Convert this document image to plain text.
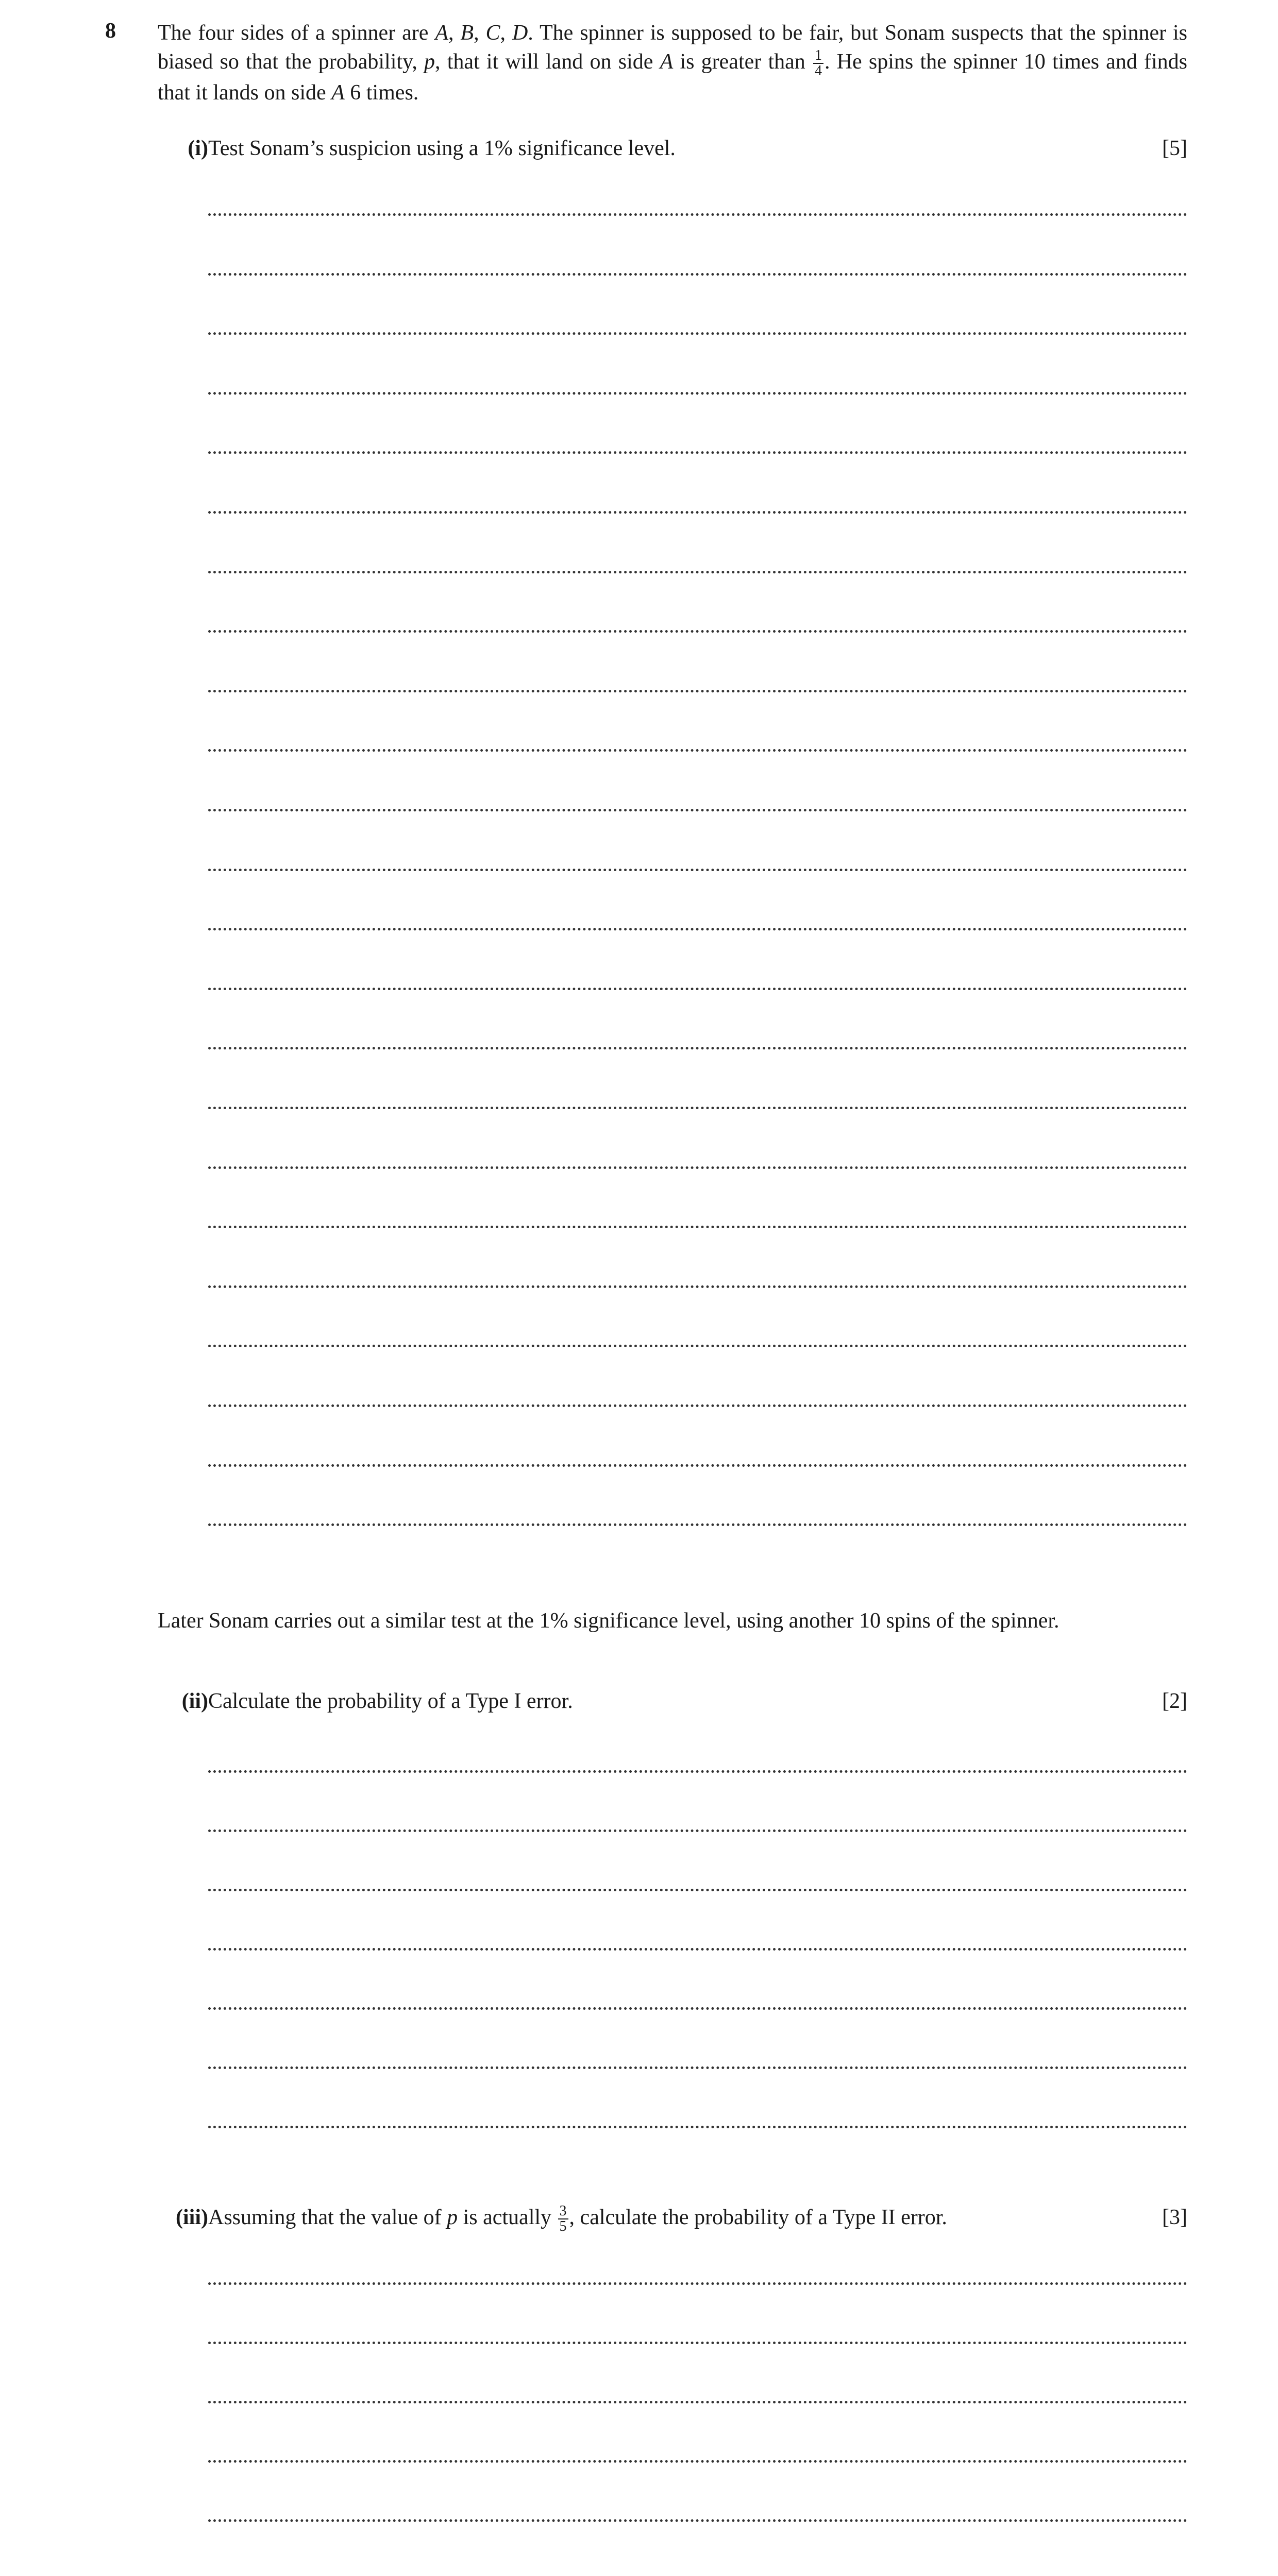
8 The four sides of a spinner are A, B, C, D. The spinner is supposed to be fair, but Sonam suspects that the spinner is biased so that the probability, p, that it will land on side A is greater than $\frac{1}{4}$ . He spins the spinner 10 times and finds that it lands on side A 6 times.
(i) Test Sonam’s suspicion using a 1% significance level.	[5]
Later Sonam carries out a similar test at the 1% significance level, using another 10 spins of the spinner.
(ii) Calculate the probability of a Type I error.	[2]
(iii) Assuming that the value of p is actually $\frac{3}{5}$ , calculate the probability of a Type II error.	[3]
